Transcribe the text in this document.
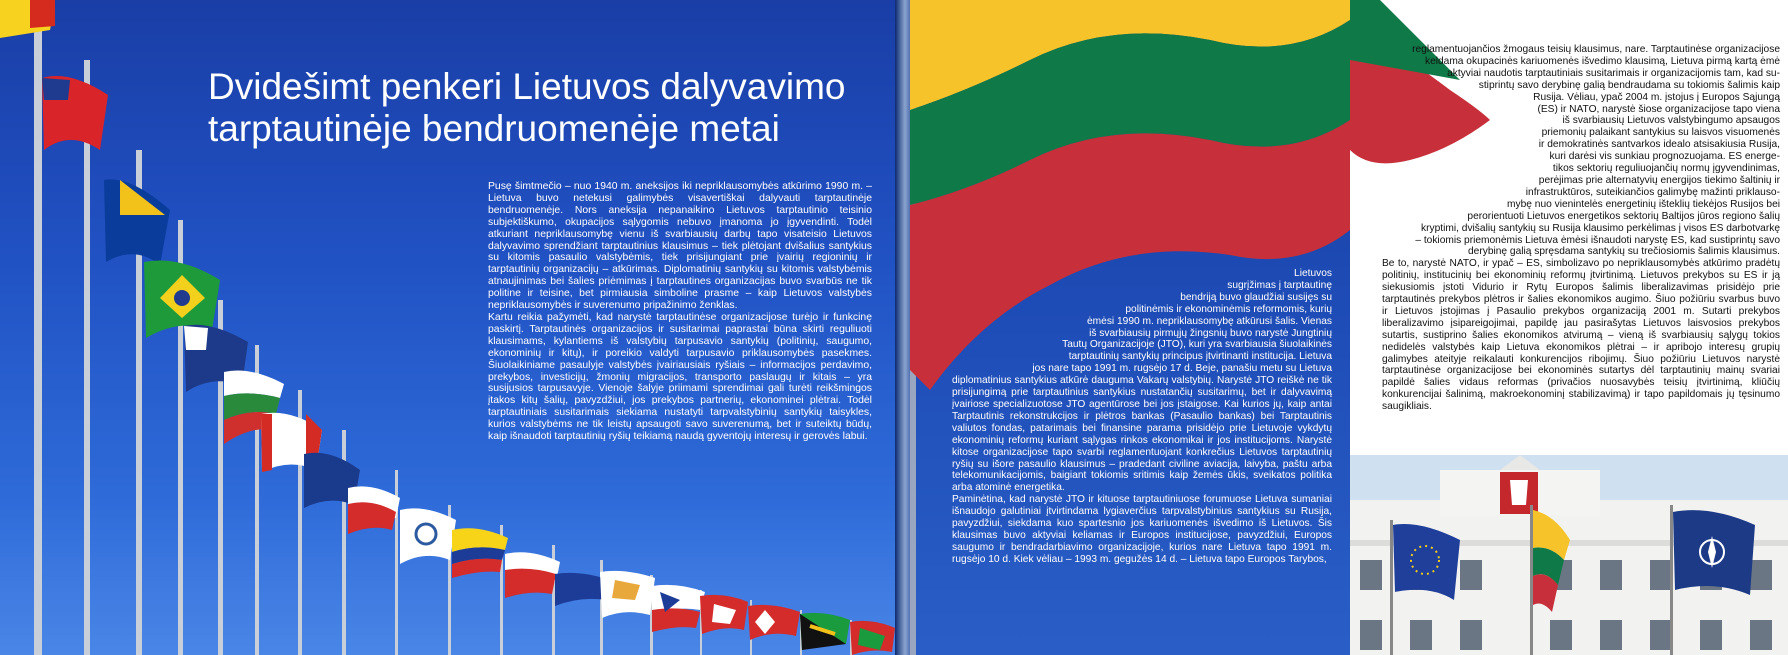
Dvidešimt penkeri Lietuvos dalyvavimo
tarptautinėje bendruomenėje metai

Pusę šimtmečio – nuo 1940 m. aneksijos iki nepriklausomybės atkūrimo 1990 m. – Lietuva buvo netekusi galimybės visavertiškai dalyvauti tarptautinėje bendruomenėje. Nors aneksija nepanaikino Lietuvos tarptautinio teisinio subjektiškumo, okupacijos sąlygomis nebuvo įmanoma jo įgyvendinti. Todėl atkuriant nepriklausomybę vienu iš svarbiausių darbų tapo visateisio Lietuvos dalyvavimo sprendžiant tarptautinius klausimus – tiek plėtojant dvišalius santykius su kitomis pasaulio valstybėmis, tiek prisijungiant prie įvairių regioninių ir tarptautinių organizacijų – atkūrimas. Diplomatinių santykių su kitomis valstybėmis atnaujinimas bei šalies priėmimas į tarptautines organizacijas buvo svarbūs ne tik politine ir teisine, bet pirmiausia simboline prasme – kaip Lietuvos valstybės nepriklausomybės ir suverenumo pripažinimo ženklas.

Kartu reikia pažymėti, kad narystė tarptautinėse organizacijose turėjo ir funkcinę paskirtį. Tarptautinės organizacijos ir susitarimai paprastai būna skirti reguliuoti klausimams, kylantiems iš valstybių tarpusavio santykių (politinių, saugumo, ekonominių ir kitų), ir poreikio valdyti tarpusavio priklausomybės pasekmes. Šiuolaikiniame pasaulyje valstybės įvairiausiais ryšiais – informacijos perdavimo, prekybos, investicijų, žmonių migracijos, transporto paslaugų ir kitais – yra susijusios tarpusavyje. Vienoje šalyje priimami sprendimai gali turėti reikšmingos įtakos kitų šalių, pavyzdžiui, jos prekybos partnerių, ekonominei plėtrai. Todėl tarptautiniais susitarimais siekiama nustatyti tarpvalstybinių santykių taisykles, kurios valstybėms ne tik leistų apsaugoti savo suverenumą, bet ir suteiktų būdų, kaip išnaudoti tarptautinių ryšių teikiamą naudą gyventojų interesų ir gerovės labui.

Lietuvos
sugrįžimas į tarptautinę
bendriją buvo glaudžiai susijęs su
politinėmis ir ekonominėmis reformomis, kurių
ėmėsi 1990 m. nepriklausomybę atkūrusi šalis. Vienas
iš svarbiausių pirmųjų žingsnių buvo narystė Jungtinių
Tautų Organizacijoje (JTO), kuri yra svarbiausia šiuolaikinės
tarptautinių santykių principus įtvirtinanti institucija. Lietuva
jos nare tapo 1991 m. rugsėjo 17 d. Beje, panašiu metu su Lietuva

diplomatinius santykius atkūrė dauguma Vakarų valstybių. Narystė JTO reiškė ne tik prisijungimą prie tarptautinius santykius nustatančių susitarimų, bet ir dalyvavimą įvairiose specializuotose JTO agentūrose bei jos įstaigose. Kai kurios jų, kaip antai Tarptautinis rekonstrukcijos ir plėtros bankas (Pasaulio bankas) bei Tarptautinis valiutos fondas, patarimais bei finansine parama prisidėjo prie Lietuvoje vykdytų ekonominių reformų kuriant sąlygas rinkos ekonomikai ir jos institucijoms. Narystė kitose organizacijose tapo svarbi reglamentuojant konkrečius Lietuvos tarptautinių ryšių su išore pasaulio klausimus – pradedant civiline aviacija, laivyba, paštu arba telekomunikacijomis, baigiant tokiomis sritimis kaip žemės ūkis, sveikatos politika arba atominė energetika.

Paminėtina, kad narystė JTO ir kituose tarptautiniuose forumuose Lietuva sumaniai išnaudojo galutiniai įtvirtindama lygiaverčius tarpvalstybinius santykius su Rusija, pavyzdžiui, siekdama kuo spartesnio jos kariuomenės išvedimo iš Lietuvos. Šis klausimas buvo aktyviai keliamas ir Europos institucijose, pavyzdžiui, Europos saugumo ir bendradarbiavimo organizacijoje, kurios nare Lietuva tapo 1991 m. rugsėjo 10 d. Kiek vėliau – 1993 m. gegužės 14 d. – Lietuva tapo Europos Tarybos,

reglamentuojančios žmogaus teisių klausimus, nare. Tarptautinėse organizacijose
keldama okupacinės kariuomenės išvedimo klausimą, Lietuva pirmą kartą ėmė
aktyviai naudotis tarptautiniais susitarimais ir organizacijomis tam, kad su-
stiprintų savo derybinę galią bendraudama su tokiomis šalimis kaip
Rusija. Vėliau, ypač 2004 m. įstojus į Europos Sąjungą
(ES) ir NATO, narystė šiose organizacijose tapo viena
iš svarbiausių Lietuvos valstybingumo apsaugos
priemonių palaikant santykius su laisvos visuomenės
ir demokratinės santvarkos idealo atsisakiusia Rusija,
kuri darėsi vis sunkiau prognozuojama. ES energe-
tikos sektorių reguliuojančių normų įgyvendinimas,
perėjimas prie alternatyvių energijos tiekimo šaltinių ir
infrastruktūros, suteikiančios galimybę mažinti priklauso-
mybę nuo vienintelės energetinių išteklių tiekėjos Rusijos bei
perorientuoti Lietuvos energetikos sektorių Baltijos jūros regiono šalių
kryptimi, dvišalių santykių su Rusija klausimo perkėlimas į visos ES darbotvarkę
– tokiomis priemonėmis Lietuva ėmėsi išnaudoti narystę ES, kad sustiprintų savo
derybinę galią spręsdama santykių su trečiosiomis šalimis klausimus.

Be to, narystė NATO, ir ypač – ES, simbolizavo po nepriklausomybės atkūrimo pradėtų politinių, institucinių bei ekonominių reformų įtvirtinimą. Lietuvos prekybos su ES ir ją siekusiomis įstoti Vidurio ir Rytų Europos šalimis liberalizavimas prisidėjo prie tarptautinės prekybos plėtros ir šalies ekonomikos augimo. Šiuo požiūriu svarbus buvo ir Lietuvos įstojimas į Pasaulio prekybos organizaciją 2001 m. Sutarti prekybos liberalizavimo įsipareigojimai, papildę jau pasirašytas Lietuvos laisvosios prekybos sutartis, sustiprino šalies ekonomikos atvirumą – vieną iš svarbiausių sąlygų tokios nedidelės valstybės kaip Lietuva ekonomikos plėtrai – ir apribojo interesų grupių galimybes ateityje reikalauti konkurencijos ribojimų. Šiuo požiūriu Lietuvos narystė tarptautinėse organizacijose bei ekonominės sutartys dėl tarptautinių mainų svariai papildė šalies vidaus reformas (privačios nuosavybės teisių įtvirtinimą, kliūčių konkurencijai šalinimą, makroekonominį stabilizavimą) ir tapo papildomais jų tęsinumo saugikliais.
